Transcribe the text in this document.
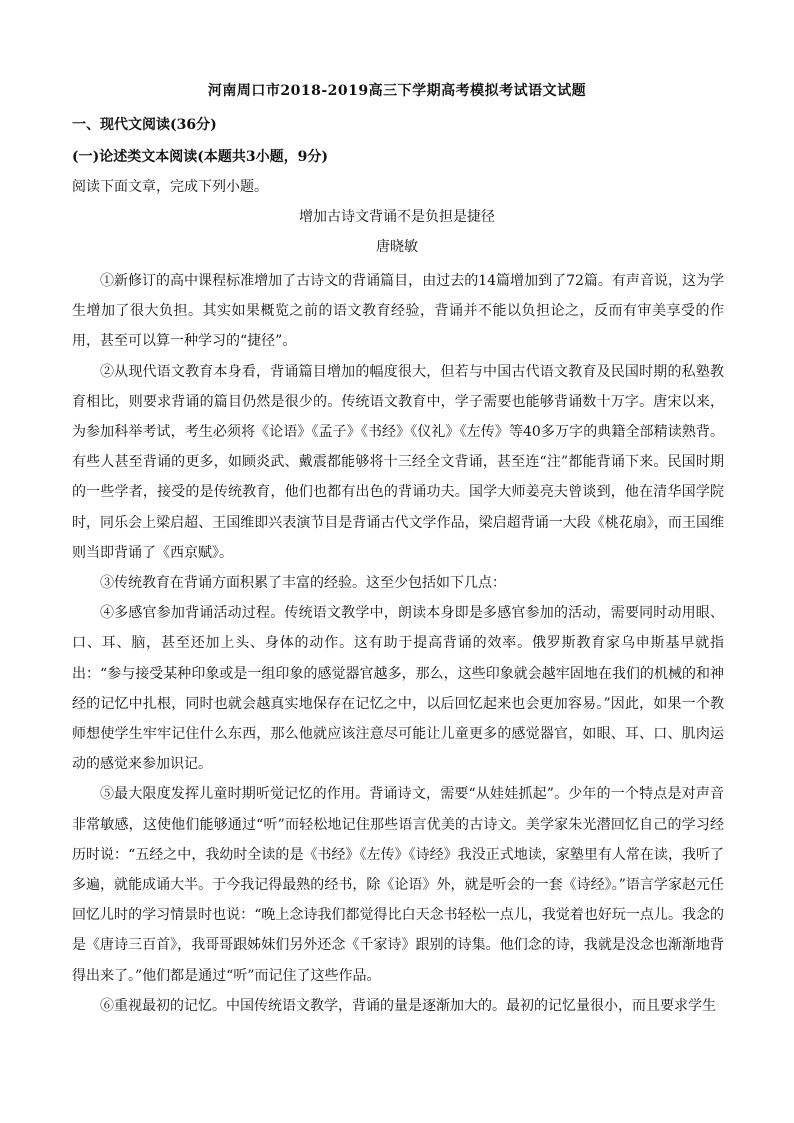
河南周口市2018-2019高三下学期高考模拟考试语文试题
一、现代文阅读(36分)
(一)论述类文本阅读(本题共3小题，9分)
阅读下面文章，完成下列小题。
增加古诗文背诵不是负担是捷径
唐晓敏

①新修订的高中课程标准增加了古诗文的背诵篇目，由过去的14篇增加到了72篇。有声音说，这为学生增加了很大负担。其实如果概览之前的语文教育经验，背诵并不能以负担论之，反而有审美享受的作用，甚至可以算一种学习的“捷径”。

②从现代语文教育本身看，背诵篇目增加的幅度很大，但若与中国古代语文教育及民国时期的私塾教育相比，则要求背诵的篇目仍然是很少的。传统语文教育中，学子需要也能够背诵数十万字。唐宋以来，为参加科举考试，考生必须将《论语》《孟子》《书经》《仪礼》《左传》等40多万字的典籍全部精读熟背。有些人甚至背诵的更多，如顾炎武、戴震都能够将十三经全文背诵，甚至连“注”都能背诵下来。民国时期的一些学者，接受的是传统教育，他们也都有出色的背诵功夫。国学大师姜亮夫曾谈到，他在清华国学院时，同乐会上梁启超、王国维即兴表演节目是背诵古代文学作品，梁启超背诵一大段《桃花扇》，而王国维则当即背诵了《西京赋》。

③传统教育在背诵方面积累了丰富的经验。这至少包括如下几点：

④多感官参加背诵活动过程。传统语文教学中，朗读本身即是多感官参加的活动，需要同时动用眼、口、耳、脑，甚至还加上头、身体的动作。这有助于提高背诵的效率。俄罗斯教育家乌申斯基早就指出：“参与接受某种印象或是一组印象的感觉器官越多，那么，这些印象就会越牢固地在我们的机械的和神经的记忆中扎根，同时也就会越真实地保存在记忆之中，以后回忆起来也会更加容易。”因此，如果一个教师想使学生牢牢记住什么东西，那么他就应该注意尽可能让儿童更多的感觉器官，如眼、耳、口、肌肉运动的感觉来参加识记。

⑤最大限度发挥儿童时期听觉记忆的作用。背诵诗文，需要“从娃娃抓起”。少年的一个特点是对声音非常敏感，这使他们能够通过“听”而轻松地记住那些语言优美的古诗文。美学家朱光潜回忆自己的学习经历时说：“五经之中，我幼时全读的是《书经》《左传》《诗经》我没正式地读，家塾里有人常在读，我听了多遍，就能成诵大半。于今我记得最熟的经书，除《论语》外，就是听会的一套《诗经》。”语言学家赵元任回忆儿时的学习情景时也说：“晚上念诗我们都觉得比白天念书轻松一点儿，我觉着也好玩一点儿。我念的是《唐诗三百首》，我哥哥跟姊妹们另外还念《千家诗》跟别的诗集。他们念的诗，我就是没念也渐渐地背得出来了。”他们都是通过“听”而记住了这些作品。

⑥重视最初的记忆。中国传统语文教学，背诵的量是逐渐加大的。最初的记忆量很小，而且要求学生
